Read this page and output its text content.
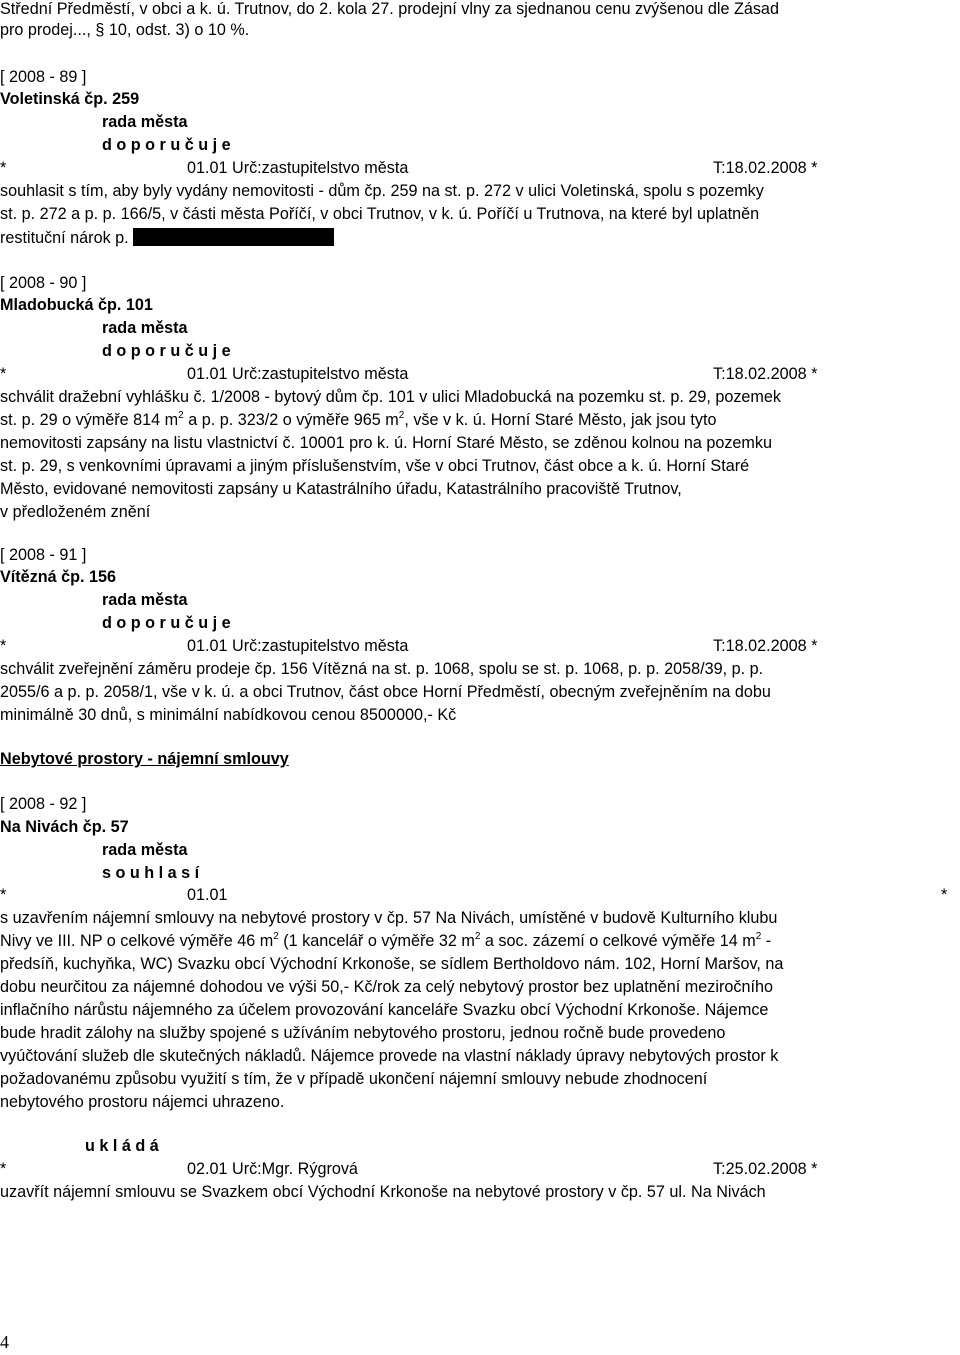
Střední Předměstí, v obci a k. ú. Trutnov, do 2. kola 27. prodejní vlny za sjednanou cenu zvýšenou dle Zásad
pro prodej..., § 10, odst. 3) o 10 %.
[ 2008 - 89 ]
Voletinská čp. 259
rada města
d o p o r u č u j e
*	01.01 Urč:zastupitelstvo města	T:18.02.2008 *
souhlasit s tím, aby byly vydány nemovitosti - dům čp. 259 na st. p. 272 v ulici Voletinská, spolu s pozemky
st. p. 272 a p. p. 166/5, v části města Poříčí, v obci Trutnov, v k. ú. Poříčí u Trutnova, na které byl uplatněn
restituční nárok p.
[ 2008 - 90 ]
Mladobucká čp. 101
rada města
d o p o r u č u j e
*	01.01 Urč:zastupitelstvo města	T:18.02.2008 *
schválit dražební vyhlášku č. 1/2008 - bytový dům čp. 101 v ulici Mladobucká na pozemku st. p. 29, pozemek
st. p. 29 o výměře 814 $m^2$ a p. p. 323/2 o výměře 965 $m^2$, vše v k. ú. Horní Staré Město, jak jsou tyto
nemovitosti zapsány na listu vlastnictví č. 10001 pro k. ú. Horní Staré Město, se zděnou kolnou na pozemku
st. p. 29, s venkovními úpravami a jiným příslušenstvím, vše v obci Trutnov, část obce a k. ú. Horní Staré
Město, evidované nemovitosti zapsány u Katastrálního úřadu, Katastrálního pracoviště Trutnov,
v předloženém znění
[ 2008 - 91 ]
Vítězná čp. 156
rada města
d o p o r u č u j e
*	01.01 Urč:zastupitelstvo města	T:18.02.2008 *
schválit zveřejnění záměru prodeje čp. 156 Vítězná na st. p. 1068, spolu se st. p. 1068, p. p. 2058/39, p. p.
2055/6 a p. p. 2058/1, vše v k. ú. a obci Trutnov, část obce Horní Předměstí, obecným zveřejněním na dobu
minimálně 30 dnů, s minimální nabídkovou cenou 8500000,- Kč
Nebytové prostory - nájemní smlouvy
[ 2008 - 92 ]
Na Nivách čp. 57
rada města
s o u h l a s í
*	01.01	*
s uzavřením nájemní smlouvy na nebytové prostory v čp. 57 Na Nivách, umístěné v budově Kulturního klubu
Nivy ve III. NP o celkové výměře 46 $m^2$ (1 kancelář o výměře 32 $m^2$ a soc. zázemí o celkové výměře 14 $m^2$ -
předsíň, kuchyňka, WC) Svazku obcí Východní Krkonoše, se sídlem Bertholdovo nám. 102, Horní Maršov, na
dobu neurčitou za nájemné dohodou ve výši 50,- Kč/rok za celý nebytový prostor bez uplatnění meziročního
inflačního nárůstu nájemného za účelem provozování kanceláře Svazku obcí Východní Krkonoše. Nájemce
bude hradit zálohy na služby spojené s užíváním nebytového prostoru, jednou ročně bude provedeno
vyúčtování služeb dle skutečných nákladů. Nájemce provede na vlastní náklady úpravy nebytových prostor k
požadovanému způsobu využití s tím, že v případě ukončení nájemní smlouvy nebude zhodnocení
nebytového prostoru nájemci uhrazeno.
u k l á d á
*	02.01 Urč:Mgr. Rýgrová	T:25.02.2008 *
uzavřít nájemní smlouvu se Svazkem obcí Východní Krkonoše na nebytové prostory v čp. 57 ul. Na Nivách
4
